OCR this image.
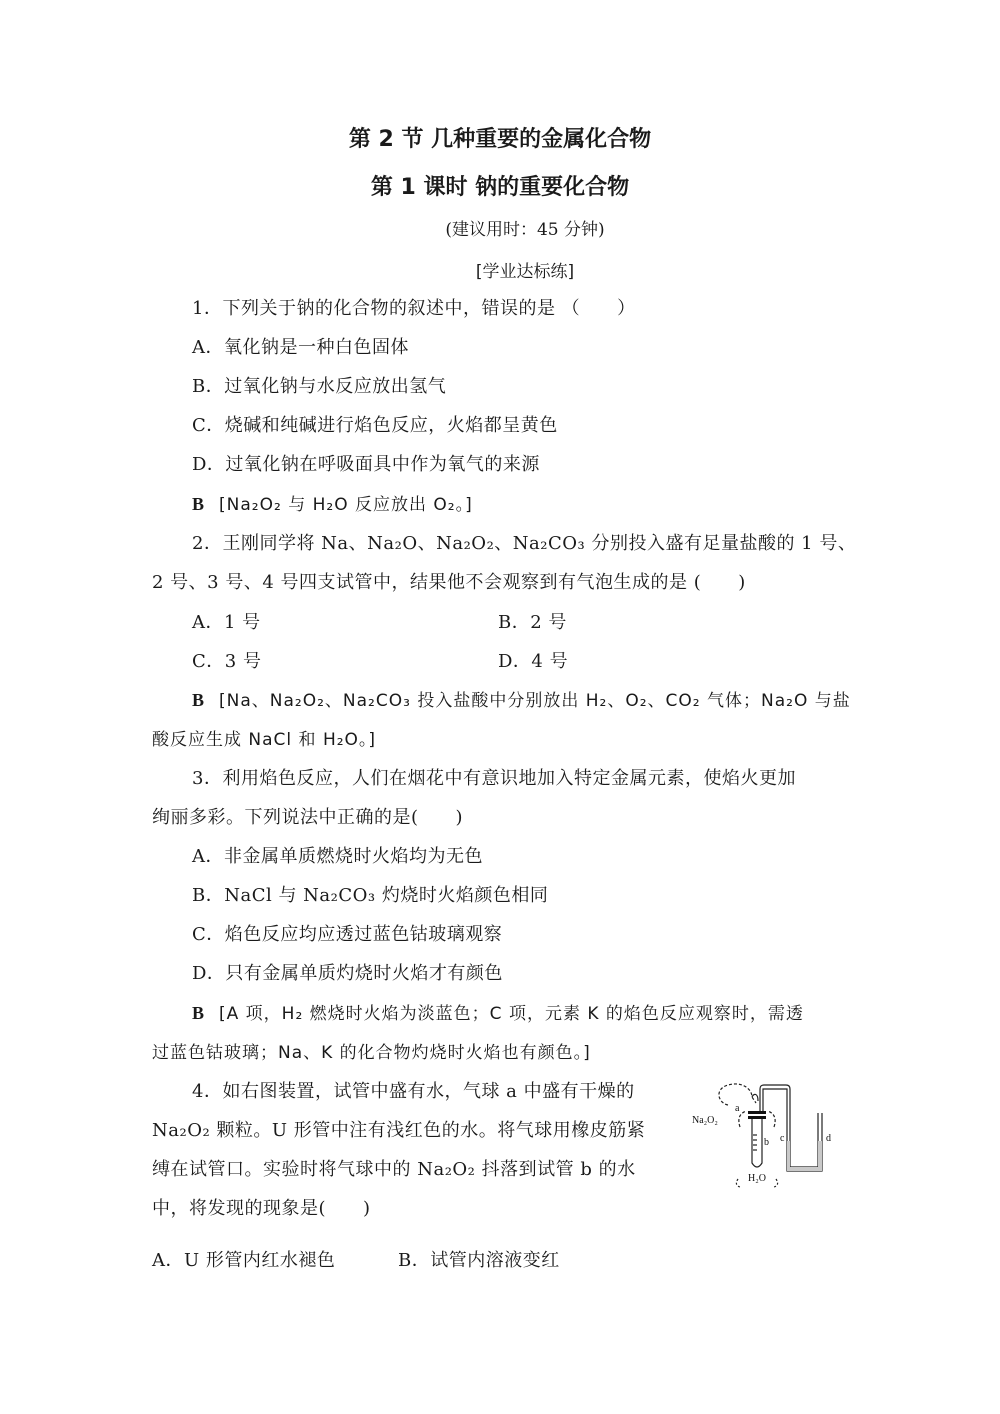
第 2 节 几种重要的金属化合物
第 1 课时 钠的重要化合物
(建议用时：45 分钟)
[学业达标练]
1．下列关于钠的化合物的叙述中，错误的是 （　　）
A．氧化钠是一种白色固体
B．过氧化钠与水反应放出氢气
C．烧碱和纯碱进行焰色反应，火焰都呈黄色
D．过氧化钠在呼吸面具中作为氧气的来源
B [Na₂O₂ 与 H₂O 反应放出 O₂。]
2．王刚同学将 Na、Na₂O、Na₂O₂、Na₂CO₃ 分别投入盛有足量盐酸的 1 号、
2 号、3 号、4 号四支试管中，结果他不会观察到有气泡生成的是 (　　)
A．1 号	B．2 号
C．3 号	D．4 号
B [Na、Na₂O₂、Na₂CO₃ 投入盐酸中分别放出 H₂、O₂、CO₂ 气体；Na₂O 与盐
酸反应生成 NaCl 和 H₂O。]
3．利用焰色反应，人们在烟花中有意识地加入特定金属元素，使焰火更加
绚丽多彩。下列说法中正确的是(　　)
A．非金属单质燃烧时火焰均为无色
B．NaCl 与 Na₂CO₃ 灼烧时火焰颜色相同
C．焰色反应均应透过蓝色钴玻璃观察
D．只有金属单质灼烧时火焰才有颜色
B [A 项，H₂ 燃烧时火焰为淡蓝色；C 项，元素 K 的焰色反应观察时，需透
过蓝色钴玻璃；Na、K 的化合物灼烧时火焰也有颜色。]
4．如右图装置，试管中盛有水，气球 a 中盛有干燥的
Na₂O₂ 颗粒。U 形管中注有浅红色的水。将气球用橡皮筋紧
缚在试管口。实验时将气球中的 Na₂O₂ 抖落到试管 b 的水
中，将发现的现象是(　　)
A．U 形管内红水褪色	B．试管内溶液变红
a
Na₂O₂
b
H₂O
c	d
